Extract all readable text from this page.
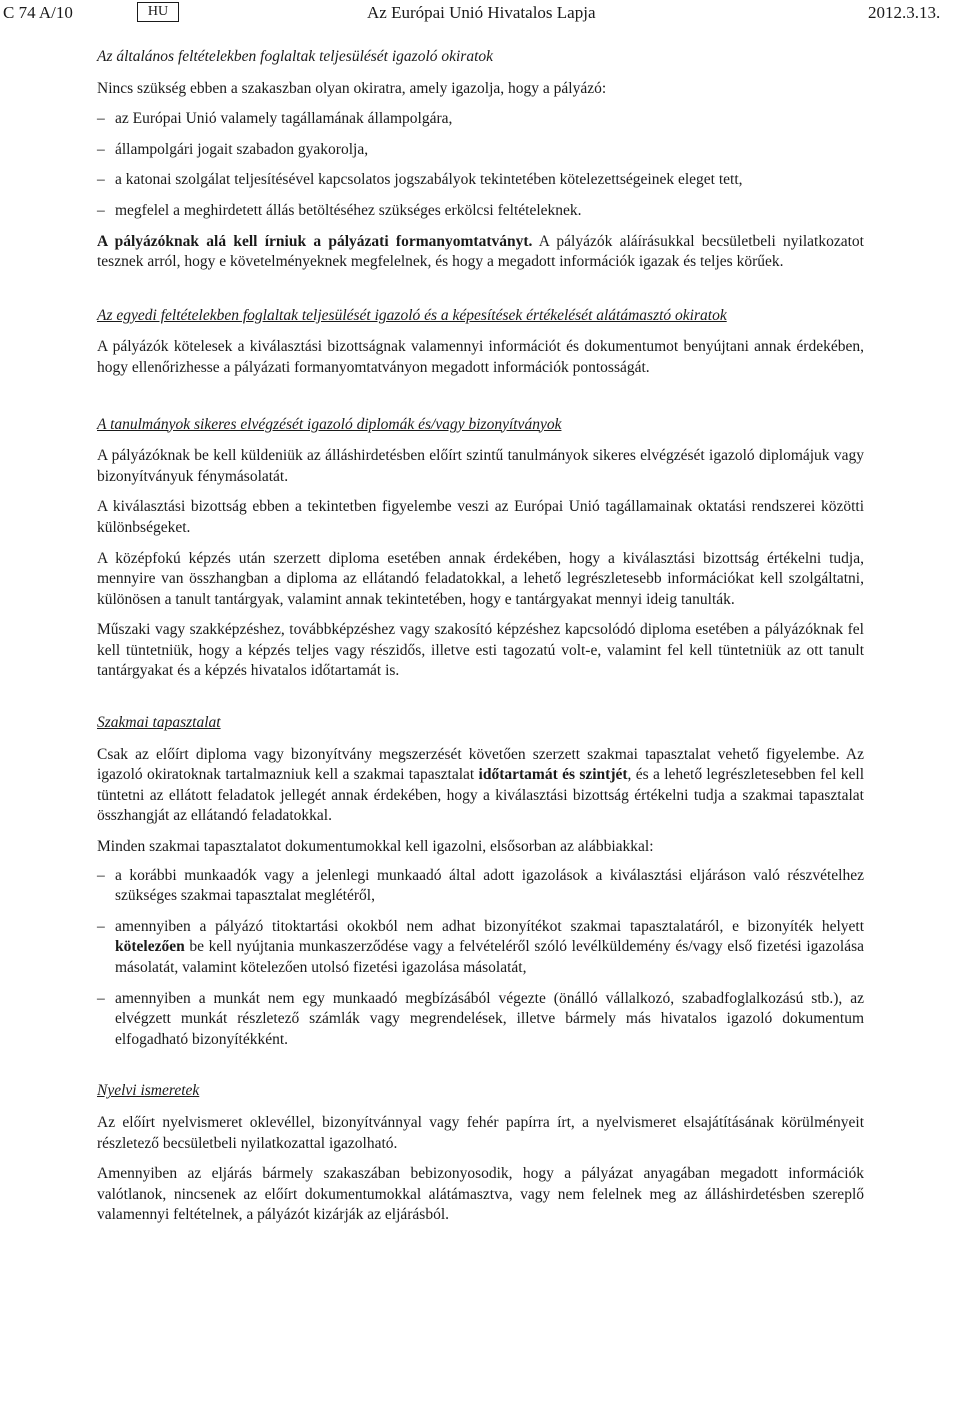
C 74 A/10	HU	Az Európai Unió Hivatalos Lapja	2012.3.13.

Az általános feltételekben foglaltak teljesülését igazoló okiratok

Nincs szükség ebben a szakaszban olyan okiratra, amely igazolja, hogy a pályázó:

– az Európai Unió valamely tagállamának állampolgára,
– állampolgári jogait szabadon gyakorolja,
– a katonai szolgálat teljesítésével kapcsolatos jogszabályok tekintetében kötelezettségeinek eleget tett,
– megfelel a meghirdetett állás betöltéséhez szükséges erkölcsi feltételeknek.

A pályázóknak alá kell írniuk a pályázati formanyomtatványt. A pályázók aláírásukkal becsületbeli nyilatkozatot tesznek arról, hogy e követelményeknek megfelelnek, és hogy a megadott információk igazak és teljes körűek.

Az egyedi feltételekben foglaltak teljesülését igazoló és a képesítések értékelését alátámasztó okiratok

A pályázók kötelesek a kiválasztási bizottságnak valamennyi információt és dokumentumot benyújtani annak érdekében, hogy ellenőrizhesse a pályázati formanyomtatványon megadott információk pontosságát.

A tanulmányok sikeres elvégzését igazoló diplomák és/vagy bizonyítványok

A pályázóknak be kell küldeniük az álláshirdetésben előírt szintű tanulmányok sikeres elvégzését igazoló diplomájuk vagy bizonyítványuk fénymásolatát.

A kiválasztási bizottság ebben a tekintetben figyelembe veszi az Európai Unió tagállamainak oktatási rendszerei közötti különbségeket.

A középfokú képzés után szerzett diploma esetében annak érdekében, hogy a kiválasztási bizottság értékelni tudja, mennyire van összhangban a diploma az ellátandó feladatokkal, a lehető legrészletesebb információkat kell szolgáltatni, különösen a tanult tantárgyak, valamint annak tekintetében, hogy e tantárgyakat mennyi ideig tanulták.

Műszaki vagy szakképzéshez, továbbképzéshez vagy szakosító képzéshez kapcsolódó diploma esetében a pályázóknak fel kell tüntetniük, hogy a képzés teljes vagy részidős, illetve esti tagozatú volt-e, valamint fel kell tüntetniük az ott tanult tantárgyakat és a képzés hivatalos időtartamát is.

Szakmai tapasztalat

Csak az előírt diploma vagy bizonyítvány megszerzését követően szerzett szakmai tapasztalat vehető figyelembe. Az igazoló okiratoknak tartalmazniuk kell a szakmai tapasztalat időtartamát és szintjét, és a lehető legrészletesebben fel kell tüntetni az ellátott feladatok jellegét annak érdekében, hogy a kiválasztási bizottság értékelni tudja a szakmai tapasztalat összhangját az ellátandó feladatokkal.

Minden szakmai tapasztalatot dokumentumokkal kell igazolni, elsősorban az alábbiakkal:

– a korábbi munkaadók vagy a jelenlegi munkaadó által adott igazolások a kiválasztási eljáráson való részvételhez szükséges szakmai tapasztalat meglétéről,
– amennyiben a pályázó titoktartási okokból nem adhat bizonyítékot szakmai tapasztalatáról, e bizonyíték helyett kötelezően be kell nyújtania munkaszerződése vagy a felvételéről szóló levélküldemény és/vagy első fizetési igazolása másolatát, valamint kötelezően utolsó fizetési igazolása másolatát,
– amennyiben a munkát nem egy munkaadó megbízásából végezte (önálló vállalkozó, szabadfoglalkozású stb.), az elvégzett munkát részletező számlák vagy megrendelések, illetve bármely más hivatalos igazoló dokumentum elfogadható bizonyítékként.

Nyelvi ismeretek

Az előírt nyelvismeret oklevéllel, bizonyítvánnyal vagy fehér papírra írt, a nyelvismeret elsajátításának körülményeit részletező becsületbeli nyilatkozattal igazolható.

Amennyiben az eljárás bármely szakaszában bebizonyosodik, hogy a pályázat anyagában megadott információk valótlanok, nincsenek az előírt dokumentumokkal alátámasztva, vagy nem felelnek meg az álláshirdetésben szereplő valamennyi feltételnek, a pályázót kizárják az eljárásból.
